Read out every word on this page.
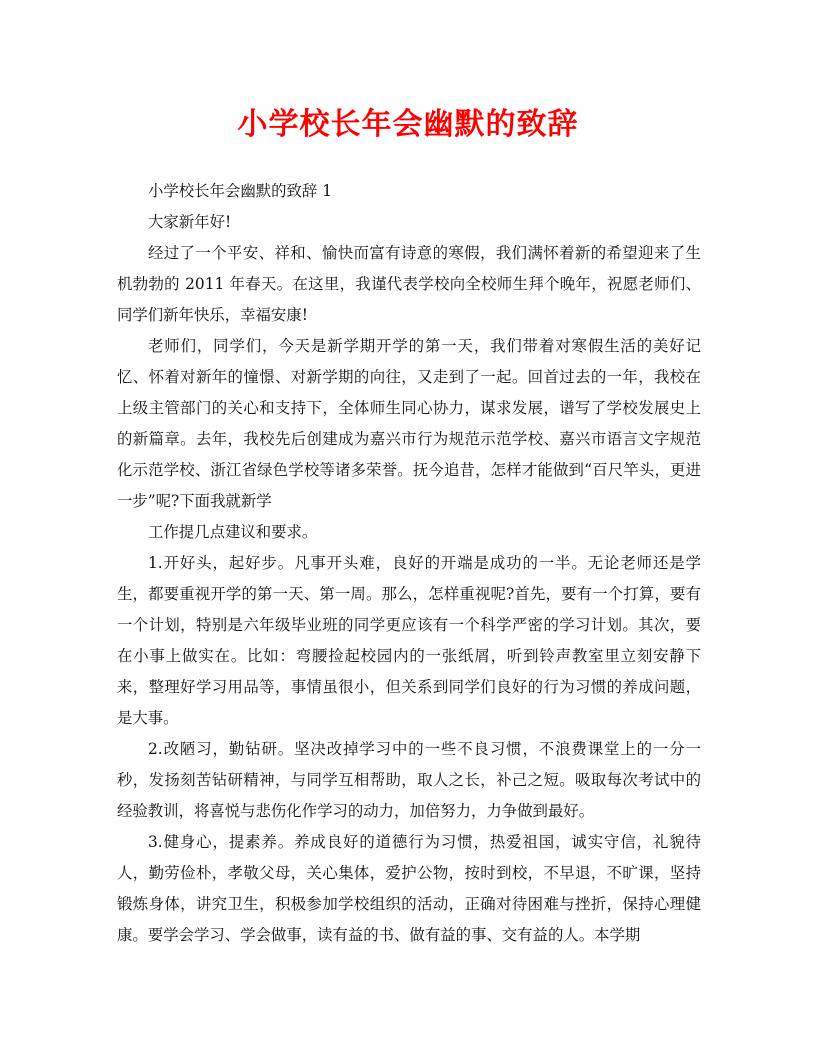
小学校长年会幽默的致辞

小学校长年会幽默的致辞 1

大家新年好!

经过了一个平安、祥和、愉快而富有诗意的寒假，我们满怀着新的希望迎来了生机勃勃的 2011 年春天。在这里，我谨代表学校向全校师生拜个晚年，祝愿老师们、同学们新年快乐，幸福安康!

老师们，同学们，今天是新学期开学的第一天，我们带着对寒假生活的美好记忆、怀着对新年的憧憬、对新学期的向往，又走到了一起。回首过去的一年，我校在上级主管部门的关心和支持下，全体师生同心协力，谋求发展，谱写了学校发展史上的新篇章。去年，我校先后创建成为嘉兴市行为规范示范学校、嘉兴市语言文字规范化示范学校、浙江省绿色学校等诸多荣誉。抚今追昔，怎样才能做到“百尺竿头，更进一步”呢?下面我就新学

工作提几点建议和要求。

1.开好头，起好步。凡事开头难，良好的开端是成功的一半。无论老师还是学生，都要重视开学的第一天、第一周。那么，怎样重视呢?首先，要有一个打算，要有一个计划，特别是六年级毕业班的同学更应该有一个科学严密的学习计划。其次，要在小事上做实在。比如：弯腰捡起校园内的一张纸屑，听到铃声教室里立刻安静下来，整理好学习用品等，事情虽很小，但关系到同学们良好的行为习惯的养成问题，是大事。

2.改陋习，勤钻研。坚决改掉学习中的一些不良习惯，不浪费课堂上的一分一秒，发扬刻苦钻研精神，与同学互相帮助，取人之长，补己之短。吸取每次考试中的经验教训，将喜悦与悲伤化作学习的动力，加倍努力，力争做到最好。

3.健身心，提素养。养成良好的道德行为习惯，热爱祖国，诚实守信，礼貌待人，勤劳俭朴，孝敬父母，关心集体，爱护公物，按时到校，不早退，不旷课，坚持锻炼身体，讲究卫生，积极参加学校组织的活动，正确对待困难与挫折，保持心理健康。要学会学习、学会做事，读有益的书、做有益的事、交有益的人。本学期
